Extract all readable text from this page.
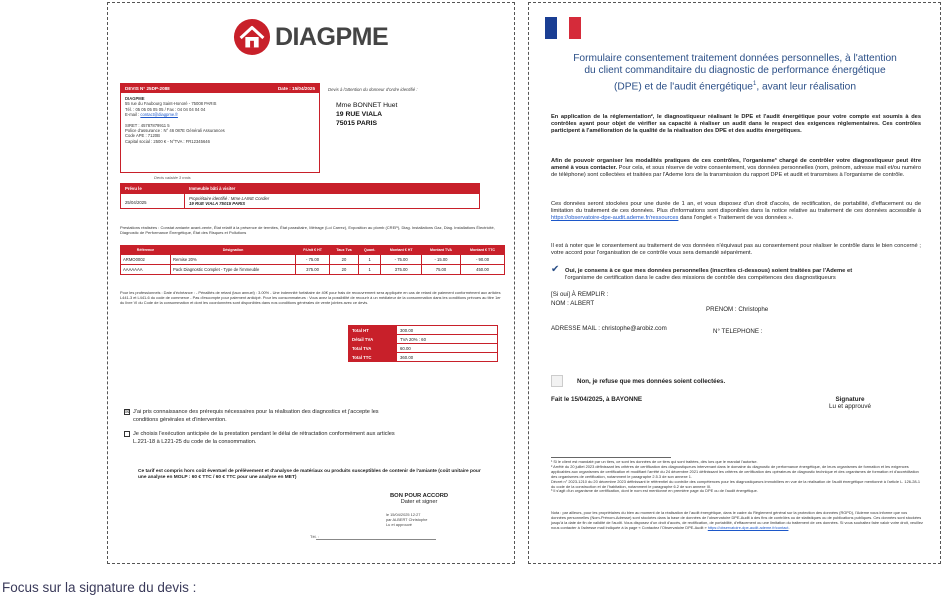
DIAGPME
DEVIS N° 25DP-2088	Date : 15/04/2025
DIAGPME
55 rue du Faubourg Saint-Honoré - 75008 PARIS
Tél. : 05 05 05 05 05 / Fax : 04 04 04 04 04
E-mail : contact@diagpme.fr
SIRET : 45787879911 5
Police d'assurance : N° 46 087E Générali Assurances
Code APE : 7120B
Capital social : 2500 € - N°TVA : FR12345646
Devis valable 3 mois
Devis à l'attention du donneur d'ordre identifié :
Mme BONNET Huet
19 RUE VIALA
75015 PARIS
Prévu le	Immeuble bâti à visiter
25/04/2025	Propriétaire identifié : Mme LAINE Cordier
19 RUE VIALA 75015 PARIS
Prestations réalisées : Constat amiante avant-vente, État relatif à la présence de termites, État parasitaire, Métrage (Loi Carrez), Exposition au plomb (CREP), Diag. Installations Gaz, Diag. Installations Électricité, Diagnostic de Performance Énergétique, État des Risques et Pollutions
Référence	Désignation	P.Unit € HT	Taux Tva	Quant.	Montant € HT	Montant TVA	Montant € TTC
ARMO0002	Remise 20%	- 75.00	20	1	- 75.00	- 15.00	- 90.00
AAAAAAA	Pack Diagnostic Complet - Type de l'immeuble	375.00	20	1	375.00	75.00	450.00
Pour les professionnels : Date d'échéance : - Pénalités de retard (taux annuel) : 3.00% - Une indemnité forfaitaire de 40€ pour frais de recouvrement sera appliquée en cas de retard de paiement conformément aux articles L441-3 et L441-6 du code de commerce - Pas d'escompte pour paiement anticipé. Pour les consommateurs : Vous avez la possibilité de recourir à un médiateur de la consommation dans les conditions prévues au titre 1er du livre VI du Code de la consommation et dont les coordonnées sont disponibles dans nos conditions générales de vente jointes avec ce devis.
Total HT	300.00
Détail TVA	TVA 20% : 60
Total TVA	60.00
Total TTC	360.00
☒ J'ai pris connaissance des prérequis nécessaires pour la réalisation des diagnostics et j'accepte les conditions générales et d'intervention.
Je choisis l'exécution anticipée de la prestation pendant le délai de rétractation conformément aux articles L.221-18 à L221-25 du code de la consommation.
Ce tarif est compris hors coût éventuel de prélèvement et d'analyse de matériaux ou produits susceptibles de contenir de l'amiante (coût unitaire pour une analyse en MOLP : 60 € TTC / 60 € TTC pour une analyse en MET)
BON POUR ACCORD
Dater et signer
le 15/04/2025 12:27
par ALBERT Christophe
Lu et approuvé
Tél. :
Formulaire consentement traitement données personnelles, à l'attention
du client commanditaire du diagnostic de performance énergétique
(DPE) et de l'audit énergétique$^1$, avant leur réalisation
En application de la réglementation², le diagnostiqueur réalisant le DPE et l'audit énergétique pour votre compte est soumis à des contrôles ayant pour objet de vérifier sa capacité à réaliser un audit dans le respect des exigences réglementaires. Ces contrôles participent à l'amélioration de la qualité de la réalisation des DPE et des audits énergétiques.
Afin de pouvoir organiser les modalités pratiques de ces contrôles, l'organisme³ chargé de contrôler votre diagnostiqueur peut être amené à vous contacter. Pour cela, et sous réserve de votre consentement, vos données personnelles (nom, prénom, adresse mail et/ou numéro de téléphone) sont collectées et traitées par l'Ademe lors de la transmission du rapport DPE et audit et transmises à l'organisme de contrôle.
Ces données seront stockées pour une durée de 1 an, et vous disposez d'un droit d'accès, de rectification, de portabilité, d'effacement ou de limitation du traitement de ces données. Plus d'informations sont disponibles dans la notice relative au traitement de ces données accessible à https://observatoire-dpe-audit.ademe.fr/ressources dans l'onglet « Traitement de vos données ».
Il est à noter que le consentement au traitement de vos données n'équivaut pas au consentement pour réaliser le contrôle dans le bien concerné ; votre accord pour l'organisation de ce contrôle vous sera demandé séparément.
✔ Oui, je consens à ce que mes données personnelles (inscrites ci-dessous) soient traitées par l'Ademe et
l'organisme de certification dans le cadre des missions de contrôle des compétences des diagnostiqueurs
[Si oui] À REMPLIR :
NOM : ALBERT
PRENOM : Christophe
ADRESSE MAIL : christophe@arobiz.com	N° TELEPHONE :
Non, je refuse que mes données soient collectées.
Fait le 15/04/2025, à BAYONNE	Signature
Lu et approuvé
¹ Si le client est mandaté par un tiers, ce sont les données de ce tiers qui sont traitées, dès lors que le mandat l'autorise.
² Arrêté du 20 juillet 2023 définissant les critères de certification des diagnostiqueurs intervenant dans le domaine du diagnostic de performance énergétique, de leurs organismes de formation et les exigences applicables aux organismes de certification et modifiant l'arrêté du 24 décembre 2021 définissant les critères de certification des opérateurs de diagnostic technique et des organismes de formation et d'accréditation des organismes de certification, notamment le paragraphe 2.5.3 de son annexe 1.
Décret n° 2023-1210 du 20 décembre 2023 définissant le référentiel du contrôle des compétences pour les diagnostiqueurs immobiliers en vue de la réalisation de l'audit énergétique mentionné à l'article L. 126-28-1 du code de la construction et de l'habitation, notamment le paragraphe 6.2 de son annexe III.
³ Il s'agit d'un organisme de certification, dont le nom est mentionné en première page du DPE ou de l'audit énergétique.
Nota : par ailleurs, pour les propriétaires du bien au moment de la réalisation de l'audit énergétique, dans le cadre du Règlement général sur la protection des données (RGPD), l'Ademe vous informe que vos données personnelles (Nom-Prénom-Adresse) sont stockées dans la base de données de l'observatoire DPE-Audit à des fins de contrôles ou de statistiques ou de publications publiques. Ces données sont stockées jusqu'à la date de fin de validité de l'audit. Vous disposez d'un droit d'accès, de rectification, de portabilité, d'effacement ou une limitation du traitement de ces données. Si vous souhaitez faire valoir votre droit, veuillez nous contacter à l'adresse mail indiquée à la page « Contactez l'Observatoire DPE-Audit » https://observatoire-dpe-audit.ademe.fr/contact.
Focus sur la signature du devis :
